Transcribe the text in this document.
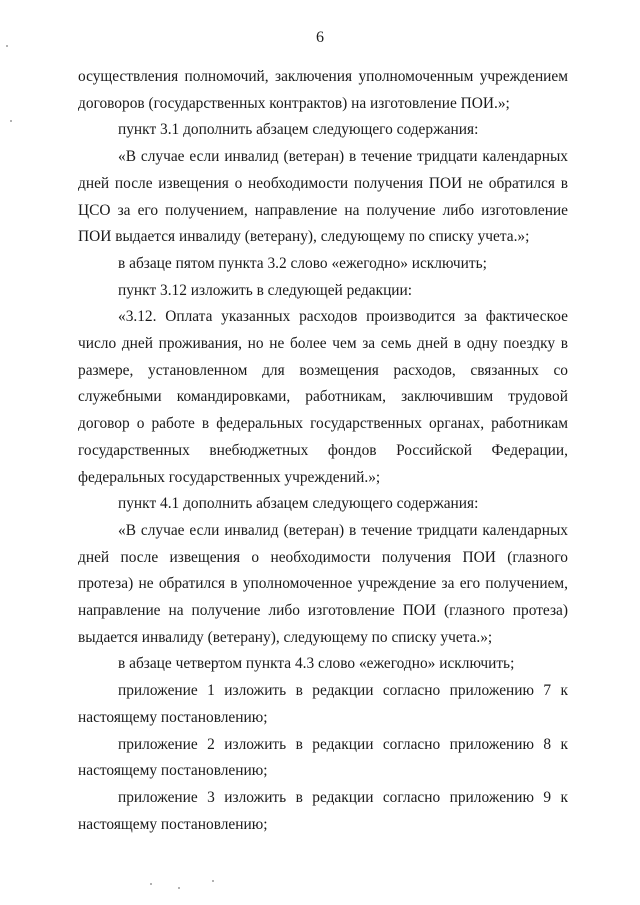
6

осуществления полномочий, заключения уполномоченным учреждением договоров (государственных контрактов) на изготовление ПОИ.»;

пункт 3.1 дополнить абзацем следующего содержания:

«В случае если инвалид (ветеран) в течение тридцати календарных дней после извещения о необходимости получения ПОИ не обратился в ЦСО за его получением, направление на получение либо изготовление ПОИ выдается инвалиду (ветерану), следующему по списку учета.»;

в абзаце пятом пункта 3.2 слово «ежегодно» исключить;

пункт 3.12 изложить в следующей редакции:

«3.12. Оплата указанных расходов производится за фактическое число дней проживания, но не более чем за семь дней в одну поездку в размере, установленном для возмещения расходов, связанных со служебными командировками, работникам, заключившим трудовой договор о работе в федеральных государственных органах, работникам государственных внебюджетных фондов Российской Федерации, федеральных государственных учреждений.»;

пункт 4.1 дополнить абзацем следующего содержания:

«В случае если инвалид (ветеран) в течение тридцати календарных дней после извещения о необходимости получения ПОИ (глазного протеза) не обратился в уполномоченное учреждение за его получением, направление на получение либо изготовление ПОИ (глазного протеза) выдается инвалиду (ветерану), следующему по списку учета.»;

в абзаце четвертом пункта 4.3 слово «ежегодно» исключить;

приложение 1 изложить в редакции согласно приложению 7 к настоящему постановлению;

приложение 2 изложить в редакции согласно приложению 8 к настоящему постановлению;

приложение 3 изложить в редакции согласно приложению 9 к настоящему постановлению;
